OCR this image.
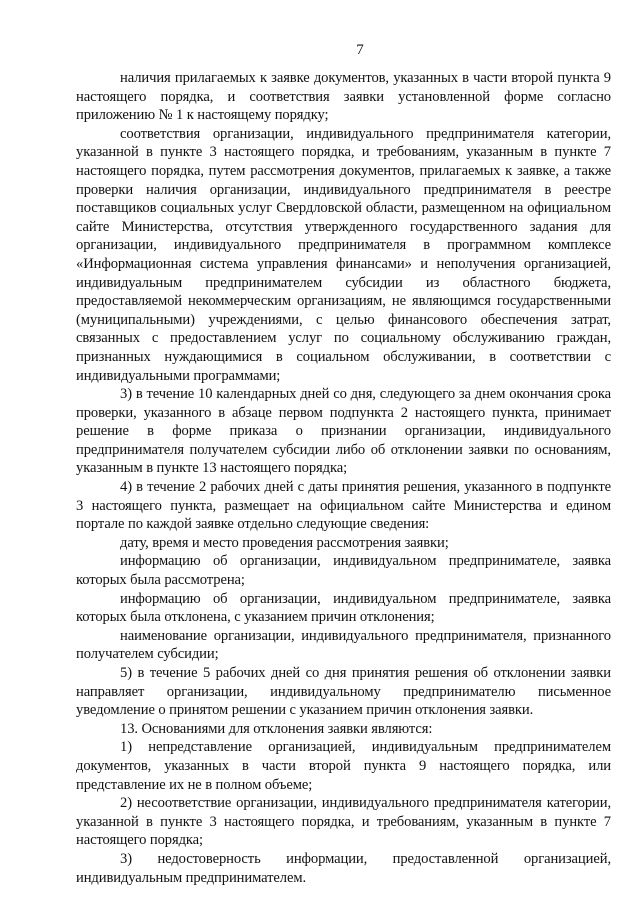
7

наличия прилагаемых к заявке документов, указанных в части второй пункта 9 настоящего порядка, и соответствия заявки установленной форме согласно приложению № 1 к настоящему порядку;

соответствия организации, индивидуального предпринимателя категории, указанной в пункте 3 настоящего порядка, и требованиям, указанным в пункте 7 настоящего порядка, путем рассмотрения документов, прилагаемых к заявке, а также проверки наличия организации, индивидуального предпринимателя в реестре поставщиков социальных услуг Свердловской области, размещенном на официальном сайте Министерства, отсутствия утвержденного государственного задания для организации, индивидуального предпринимателя в программном комплексе «Информационная система управления финансами» и неполучения организацией, индивидуальным предпринимателем субсидии из областного бюджета, предоставляемой некоммерческим организациям, не являющимся государственными (муниципальными) учреждениями, с целью финансового обеспечения затрат, связанных с предоставлением услуг по социальному обслуживанию граждан, признанных нуждающимися в социальном обслуживании, в соответствии с индивидуальными программами;

3) в течение 10 календарных дней со дня, следующего за днем окончания срока проверки, указанного в абзаце первом подпункта 2 настоящего пункта, принимает решение в форме приказа о признании организации, индивидуального предпринимателя получателем субсидии либо об отклонении заявки по основаниям, указанным в пункте 13 настоящего порядка;

4) в течение 2 рабочих дней с даты принятия решения, указанного в подпункте 3 настоящего пункта, размещает на официальном сайте Министерства и едином портале по каждой заявке отдельно следующие сведения:

дату, время и место проведения рассмотрения заявки;

информацию об организации, индивидуальном предпринимателе, заявка которых была рассмотрена;

информацию об организации, индивидуальном предпринимателе, заявка которых была отклонена, с указанием причин отклонения;

наименование организации, индивидуального предпринимателя, признанного получателем субсидии;

5) в течение 5 рабочих дней со дня принятия решения об отклонении заявки направляет организации, индивидуальному предпринимателю письменное уведомление о принятом решении с указанием причин отклонения заявки.

13. Основаниями для отклонения заявки являются:

1) непредставление организацией, индивидуальным предпринимателем документов, указанных в части второй пункта 9 настоящего порядка, или представление их не в полном объеме;

2) несоответствие организации, индивидуального предпринимателя категории, указанной в пункте 3 настоящего порядка, и требованиям, указанным в пункте 7 настоящего порядка;

3) недостоверность информации, предоставленной организацией, индивидуальным предпринимателем.
